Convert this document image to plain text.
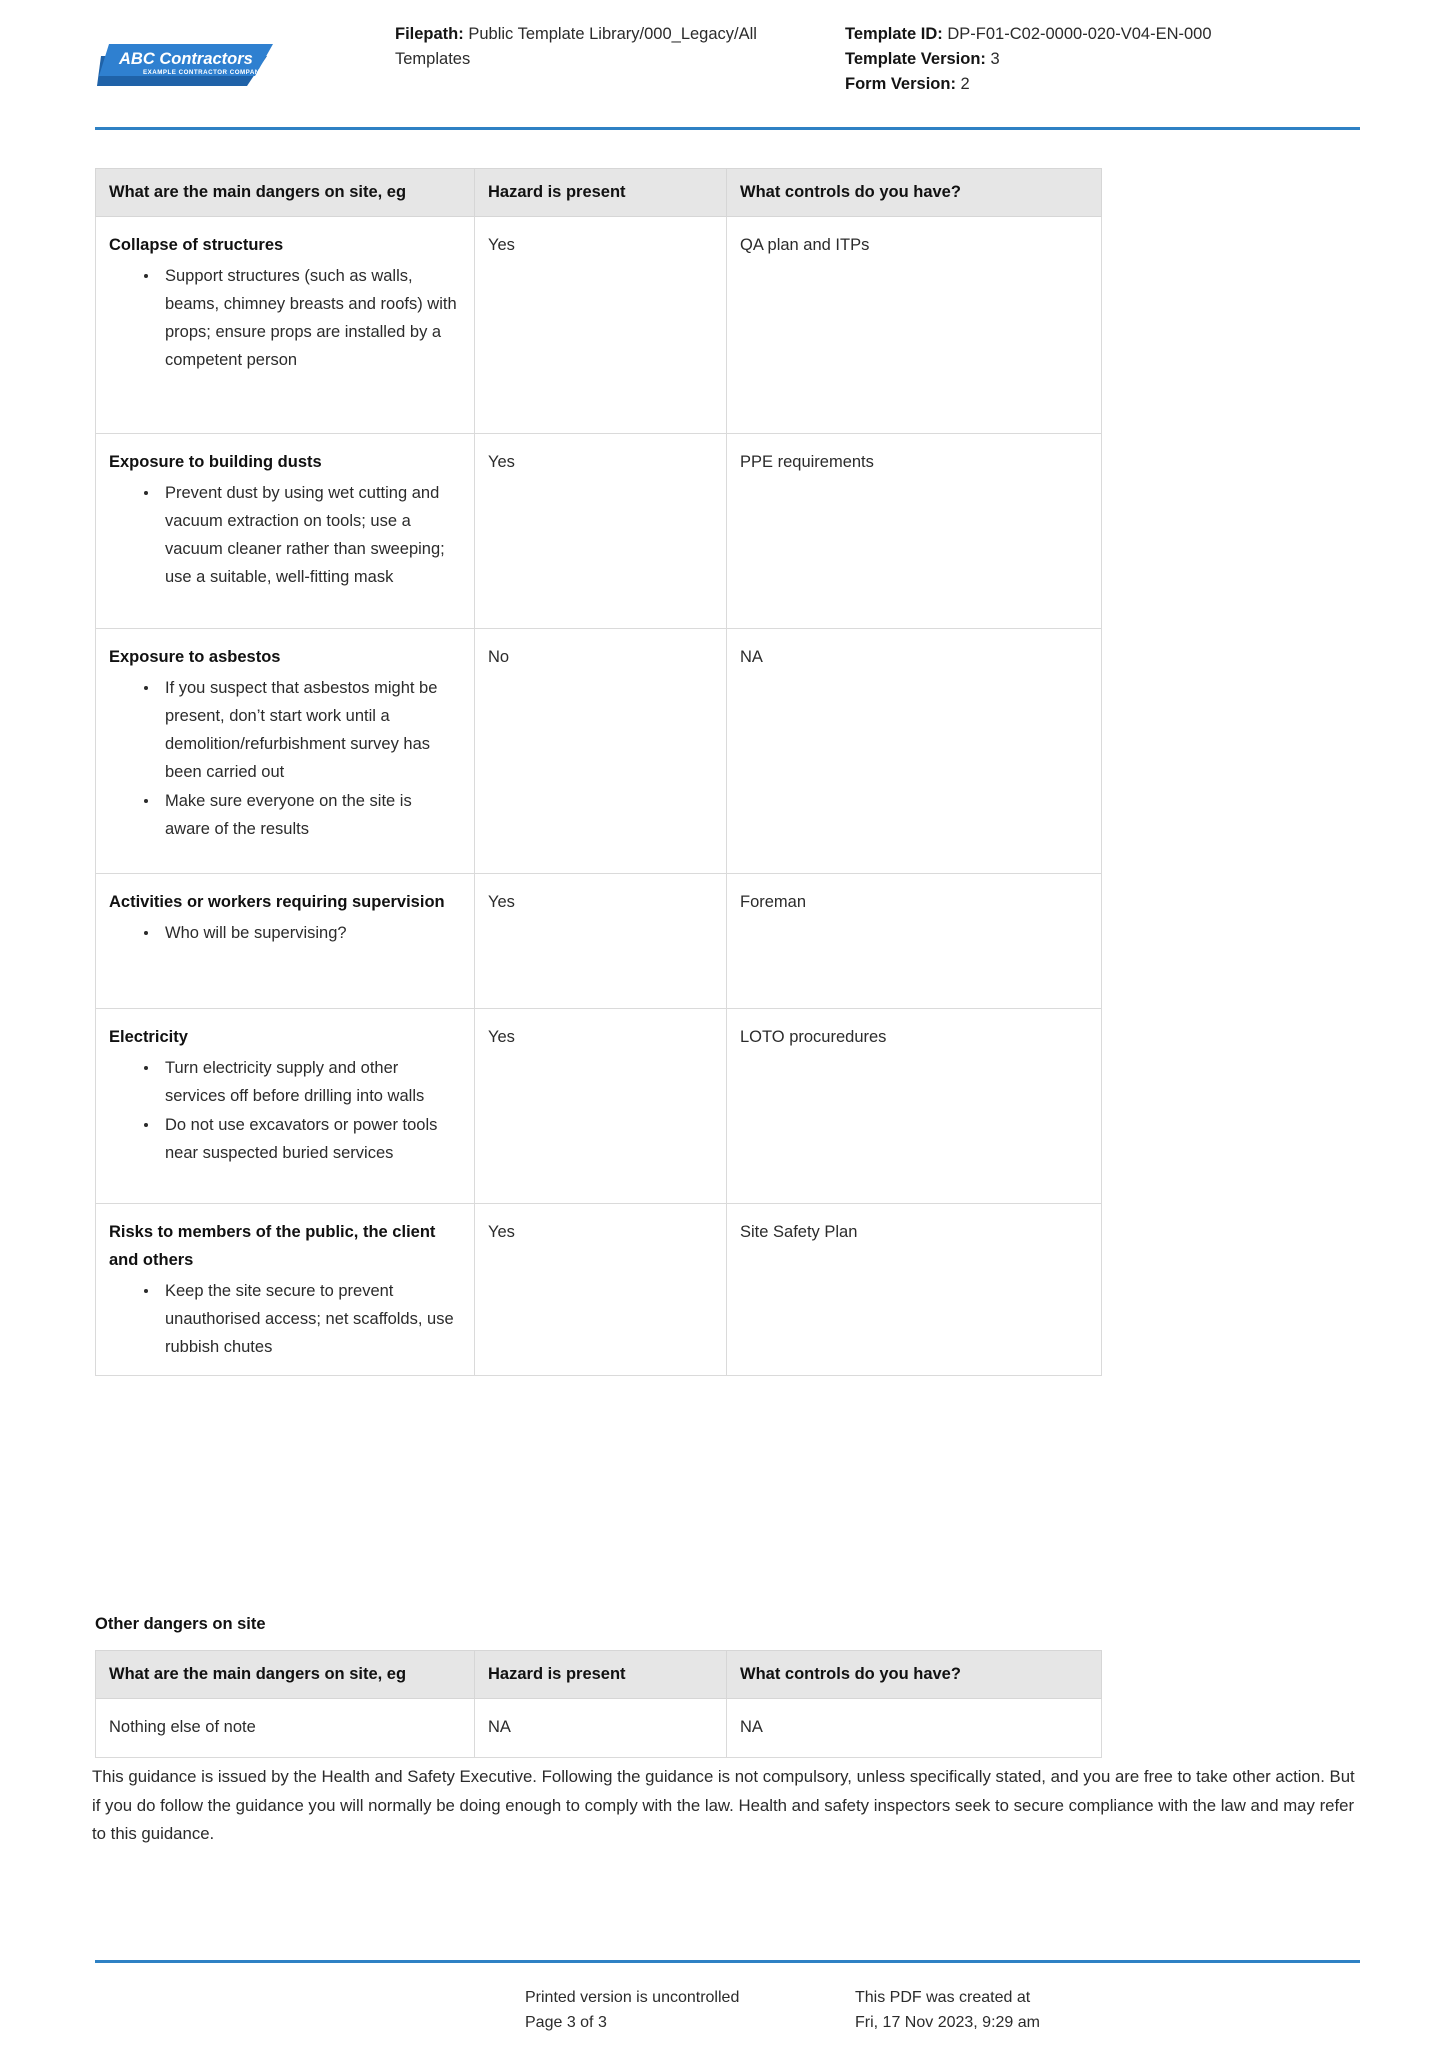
ABC Contractors
EXAMPLE CONTRACTOR COMPANY
Filepath: Public Template Library/000_Legacy/All Templates
Template ID: DP-F01-C02-0000-020-V04-EN-000
Template Version: 3
Form Version: 2
What are the main dangers on site, eg	Hazard is present	What controls do you have?

Collapse of structures
Support structures (such as walls, beams, chimney breasts and roofs) with props; ensure props are installed by a competent person

Yes	QA plan and ITPs

Exposure to building dusts
Prevent dust by using wet cutting and vacuum extraction on tools; use a vacuum cleaner rather than sweeping; use a suitable, well-fitting mask

Yes	PPE requirements

Exposure to asbestos
If you suspect that asbestos might be present, don’t start work until a demolition/refurbishment survey has been carried out
Make sure everyone on the site is aware of the results

No	NA

Activities or workers requiring supervision
Who will be supervising?

Yes	Foreman

Electricity
Turn electricity supply and other services off before drilling into walls
Do not use excavators or power tools near suspected buried services

Yes	LOTO procuredures

Risks to members of the public, the client and others
Keep the site secure to prevent unauthorised access; net scaffolds, use rubbish chutes

Yes	Site Safety Plan
Other dangers on site
What are the main dangers on site, eg	Hazard is present	What controls do you have?

Nothing else of note	NA	NA
This guidance is issued by the Health and Safety Executive. Following the guidance is not compulsory, unless specifically stated, and you are free to take other action. But if you do follow the guidance you will normally be doing enough to comply with the law. Health and safety inspectors seek to secure compliance with the law and may refer to this guidance.
Printed version is uncontrolled
Page 3 of 3
This PDF was created at
Fri, 17 Nov 2023, 9:29 am
